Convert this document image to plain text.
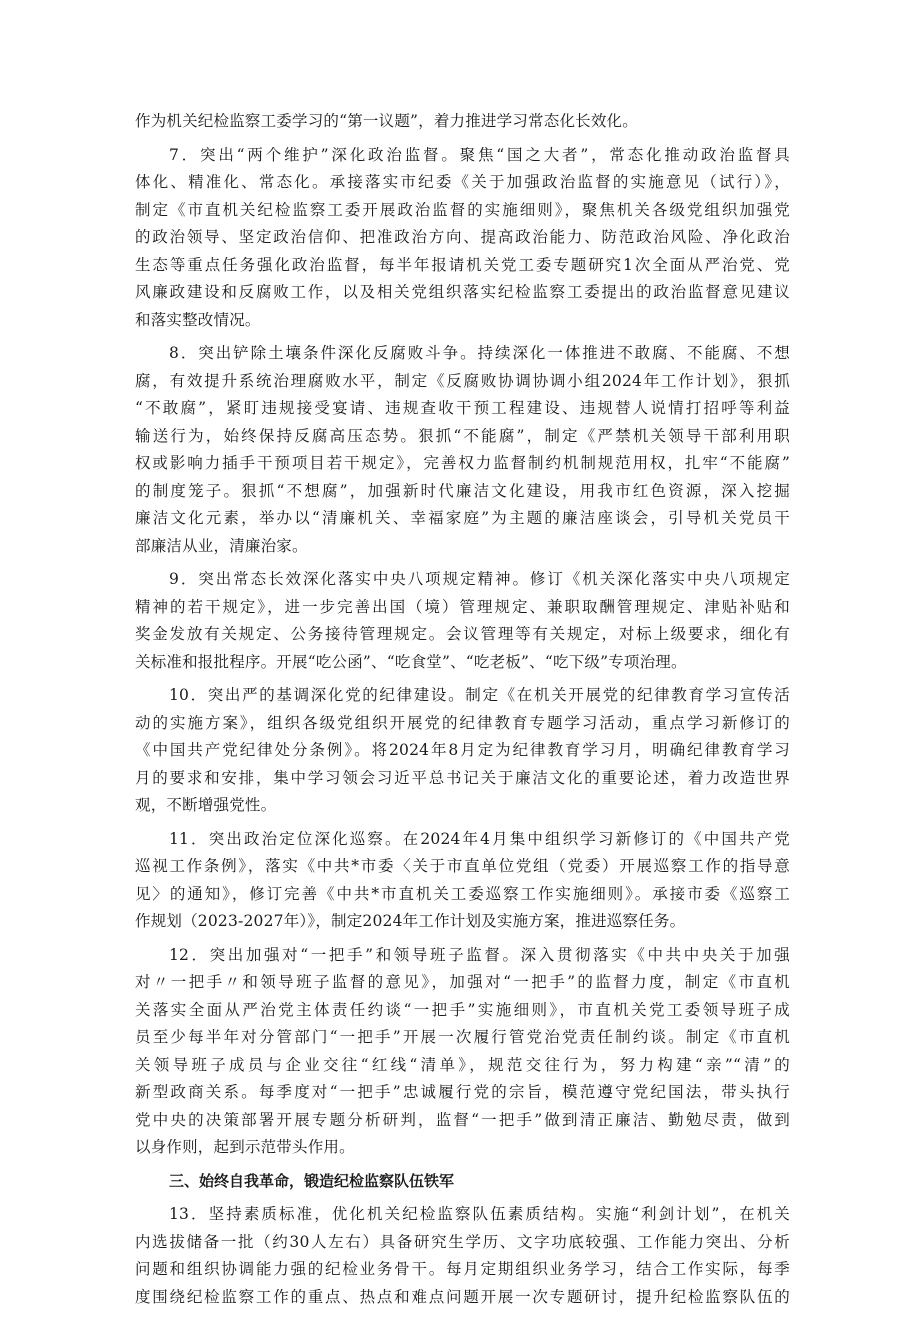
作为机关纪检监察工委学习的“第一议题”，着力推进学习常态化长效化。
7．突出“两个维护”深化政治监督。聚焦“国之大者”，常态化推动政治监督具
体化、精准化、常态化。承接落实市纪委《关于加强政治监督的实施意见（试行）》，
制定《市直机关纪检监察工委开展政治监督的实施细则》，聚焦机关各级党组织加强党
的政治领导、坚定政治信仰、把准政治方向、提高政治能力、防范政治风险、净化政治
生态等重点任务强化政治监督，每半年报请机关党工委专题研究1次全面从严治党、党
风廉政建设和反腐败工作，以及相关党组织落实纪检监察工委提出的政治监督意见建议
和落实整改情况。
8．突出铲除土壤条件深化反腐败斗争。持续深化一体推进不敢腐、不能腐、不想
腐，有效提升系统治理腐败水平，制定《反腐败协调协调小组2024年工作计划》，狠抓
“不敢腐”，紧盯违规接受宴请、违规查收干预工程建设、违规替人说情打招呼等利益
输送行为，始终保持反腐高压态势。狠抓“不能腐”，制定《严禁机关领导干部利用职
权或影响力插手干预项目若干规定》，完善权力监督制约机制规范用权，扎牢“不能腐”
的制度笼子。狠抓“不想腐”，加强新时代廉洁文化建设，用我市红色资源，深入挖掘
廉洁文化元素，举办以“清廉机关、幸福家庭”为主题的廉洁座谈会，引导机关党员干
部廉洁从业，清廉治家。
9．突出常态长效深化落实中央八项规定精神。修订《机关深化落实中央八项规定
精神的若干规定》，进一步完善出国（境）管理规定、兼职取酬管理规定、津贴补贴和
奖金发放有关规定、公务接待管理规定。会议管理等有关规定，对标上级要求，细化有
关标准和报批程序。开展“吃公函”、“吃食堂”、“吃老板”、“吃下级”专项治理。
10．突出严的基调深化党的纪律建设。制定《在机关开展党的纪律教育学习宣传活
动的实施方案》，组织各级党组织开展党的纪律教育专题学习活动，重点学习新修订的
《中国共产党纪律处分条例》。将2024年8月定为纪律教育学习月，明确纪律教育学习
月的要求和安排，集中学习领会习近平总书记关于廉洁文化的重要论述，着力改造世界
观，不断增强党性。
11．突出政治定位深化巡察。在2024年4月集中组织学习新修订的《中国共产党
巡视工作条例》，落实《中共*市委〈关于市直单位党组（党委）开展巡察工作的指导意
见〉的通知》，修订完善《中共*市直机关工委巡察工作实施细则》。承接市委《巡察工
作规划（2023-2027年）》，制定2024年工作计划及实施方案，推进巡察任务。
12．突出加强对“一把手”和领导班子监督。深入贯彻落实《中共中央关于加强
对〃一把手〃和领导班子监督的意见》，加强对“一把手”的监督力度，制定《市直机
关落实全面从严治党主体责任约谈“一把手”实施细则》，市直机关党工委领导班子成
员至少每半年对分管部门“一把手”开展一次履行管党治党责任制约谈。制定《市直机
关领导班子成员与企业交往“红线“清单》，规范交往行为，努力构建“亲”“清”的
新型政商关系。每季度对“一把手”忠诚履行党的宗旨，模范遵守党纪国法，带头执行
党中央的决策部署开展专题分析研判，监督“一把手”做到清正廉洁、勤勉尽责，做到
以身作则，起到示范带头作用。
三、始终自我革命，锻造纪检监察队伍铁军
13．坚持素质标准，优化机关纪检监察队伍素质结构。实施“利剑计划”，在机关
内选拔储备一批（约30人左右）具备研究生学历、文字功底较强、工作能力突出、分析
问题和组织协调能力强的纪检业务骨干。每月定期组织业务学习，结合工作实际，每季
度围绕纪检监察工作的重点、热点和难点问题开展一次专题研讨，提升纪检监察队伍的
